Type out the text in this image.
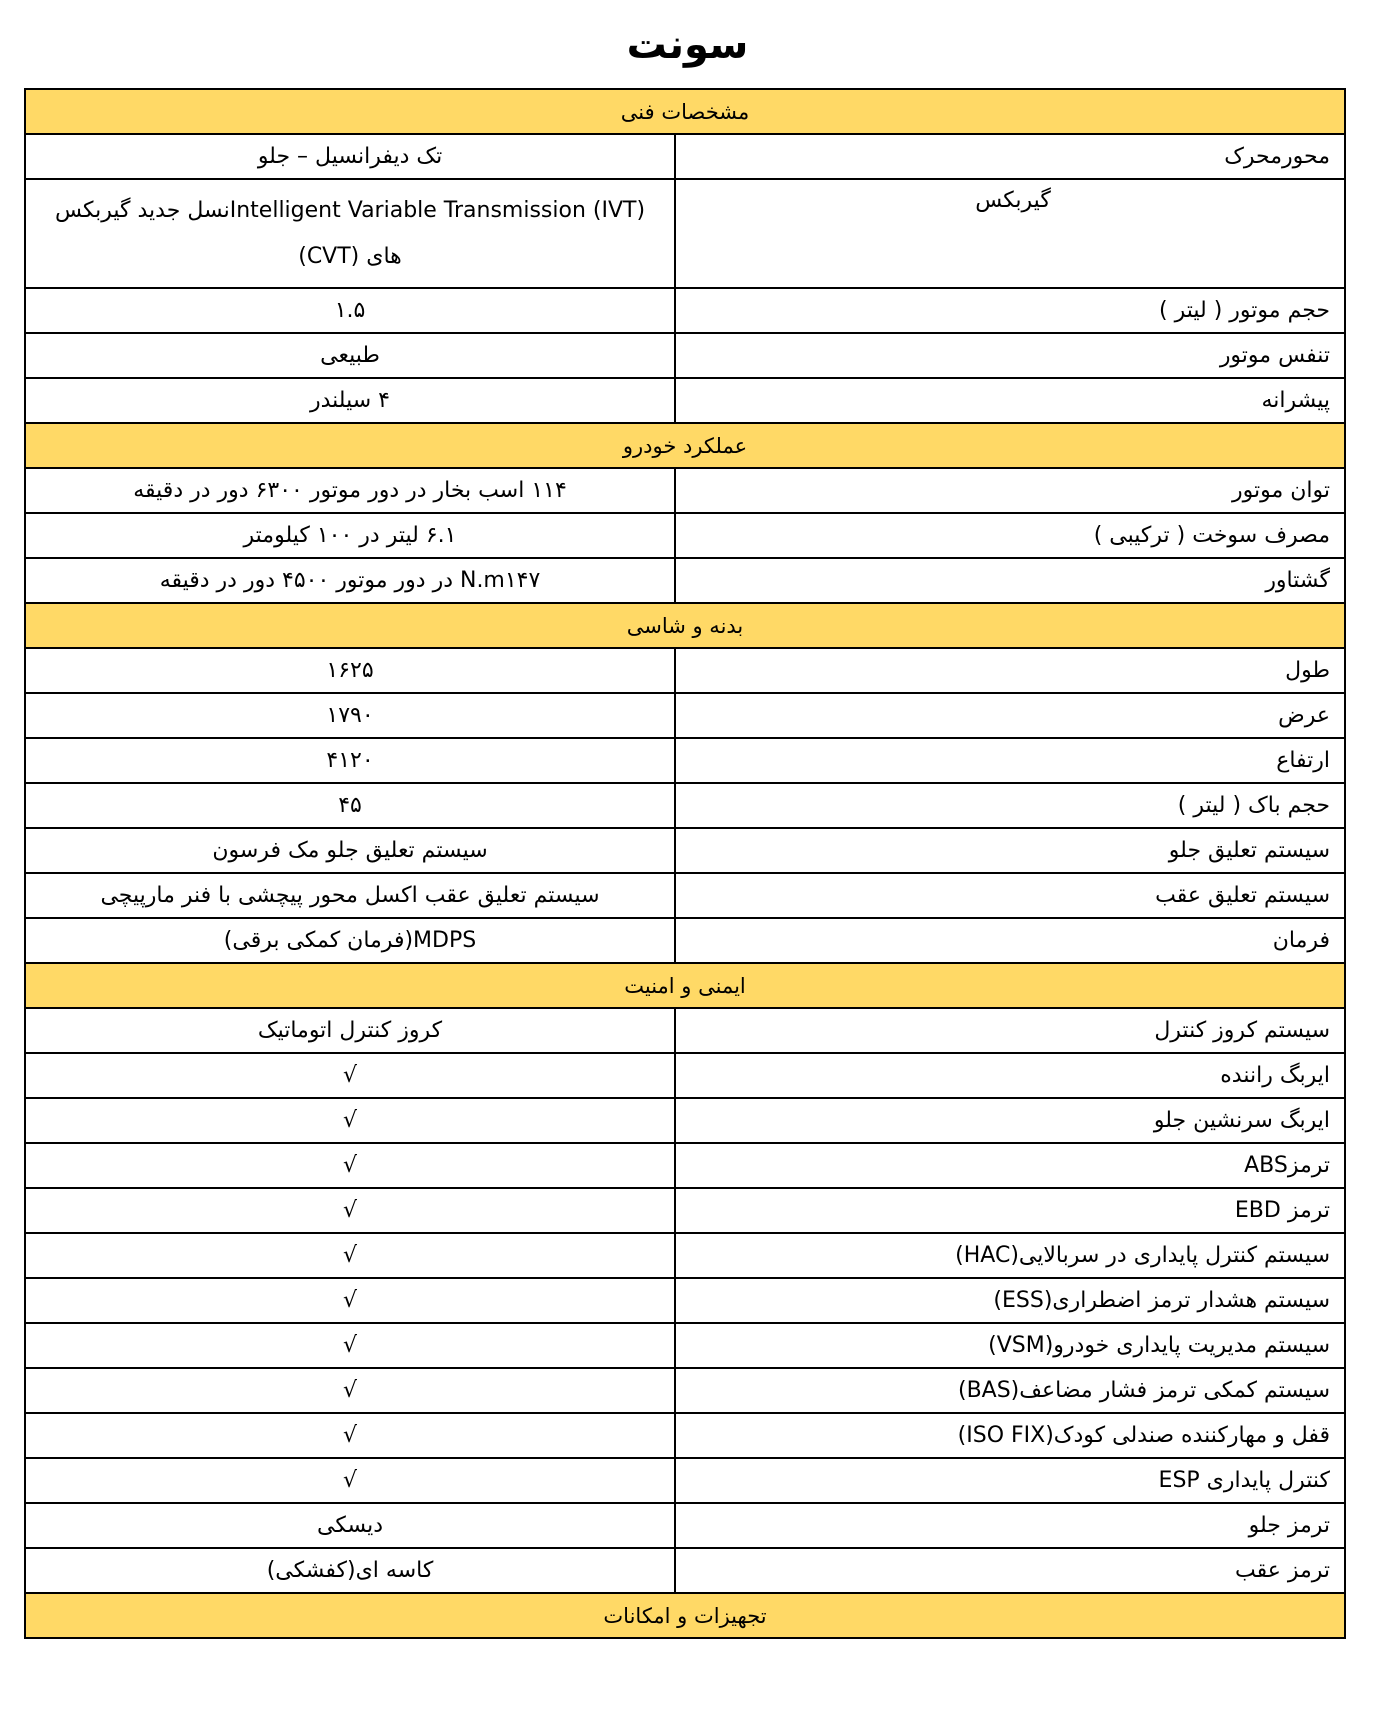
سونت
مشخصات فنی	
محورمحرک	تک دیفرانسیل – جلو
گیربکس	Intelligent Variable Transmission (IVT)نسل جدید گیربکس های (CVT)
حجم موتور ( لیتر )	۱.۵
تنفس موتور	طبیعی
پیشرانه	۴ سیلندر
عملکرد خودرو	
توان موتور	۱۱۴ اسب بخار در دور موتور ۶۳۰۰ دور در دقیقه
مصرف سوخت ( ترکیبی )	۶.۱ لیتر در ۱۰۰ کیلومتر
گشتاور	N.m۱۴۷ در دور موتور ۴۵۰۰ دور در دقیقه
بدنه و شاسی	
طول	۱۶۲۵
عرض	۱۷۹۰
ارتفاع	۴۱۲۰
حجم باک ( لیتر )	۴۵
سیستم تعلیق جلو	سیستم تعلیق جلو مک فرسون
سیستم تعلیق عقب	سیستم تعلیق عقب اکسل محور پیچشی با فنر مارپیچی
فرمان	MDPS(فرمان کمکی برقی)
ایمنی و امنیت	
سیستم کروز کنترل	کروز کنترل اتوماتیک
ایربگ راننده	√
ایربگ سرنشین جلو	√
ترمزABS	√
ترمز EBD	√
سیستم کنترل پایداری در سربالایی(HAC)	√
سیستم هشدار ترمز اضطراری(ESS)	√
سیستم مدیریت پایداری خودرو(VSM)	√
سیستم کمکی ترمز فشار مضاعف(BAS)	√
قفل و مهارکننده صندلی کودک(ISO FIX)	√
کنترل پایداری ESP	√
ترمز جلو	دیسکی
ترمز عقب	کاسه ای(کفشکی)
تجهیزات و امکانات	
